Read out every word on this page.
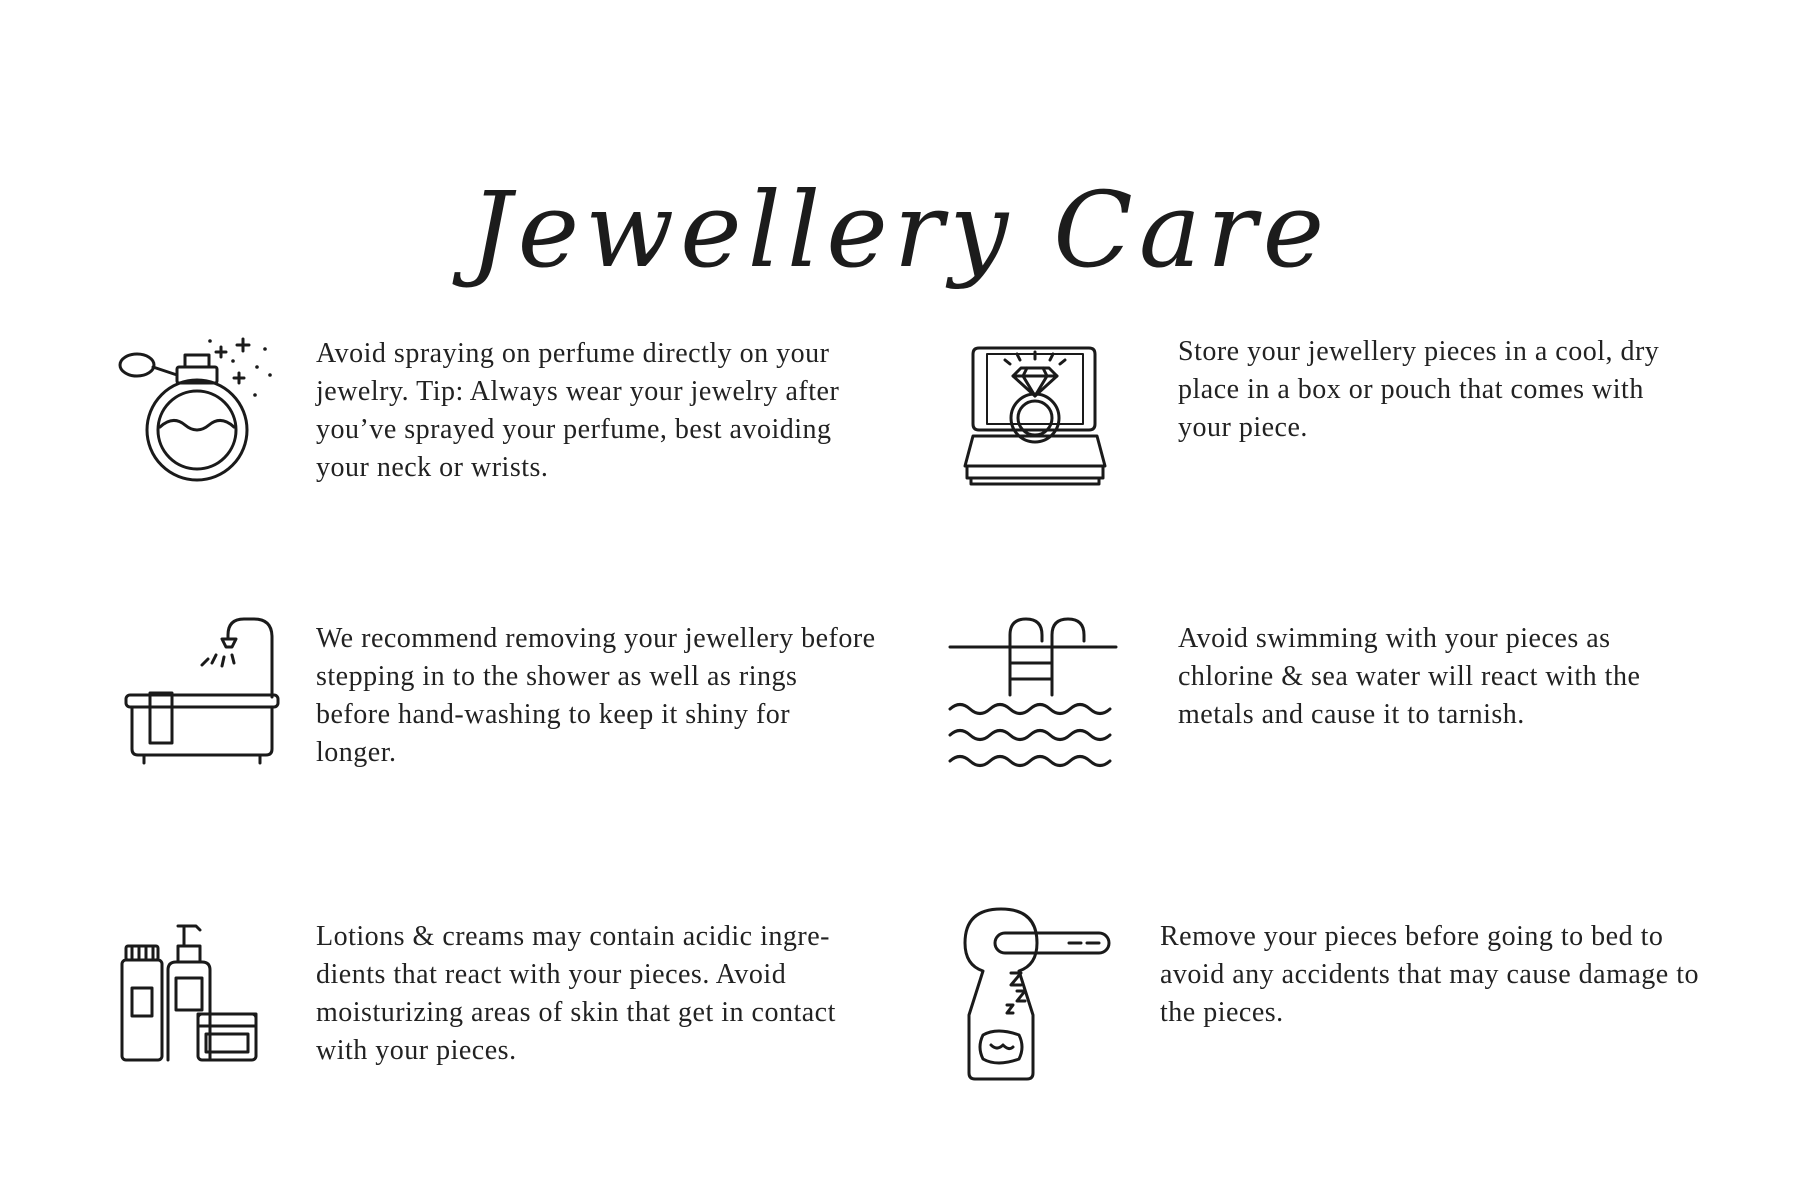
Jewellery Care

Avoid spraying on perfume directly on your jewelry. Tip: Always wear your jewelry after you’ve sprayed your perfume, best avoiding your neck or wrists.

Store your jewellery pieces in a cool, dry place in a box or pouch that comes with your piece.

We recommend removing your jewellery before stepping in to the shower as well as rings before hand-washing to keep it shiny for longer.

Avoid swimming with your pieces as chlorine & sea water will react with the metals and cause it to tarnish.

Lotions & creams may contain acidic ingre-dients that react with your pieces. Avoid moisturizing areas of skin that get in contact with your pieces.

Remove your pieces before going to bed to avoid any accidents that may cause damage to the pieces.
